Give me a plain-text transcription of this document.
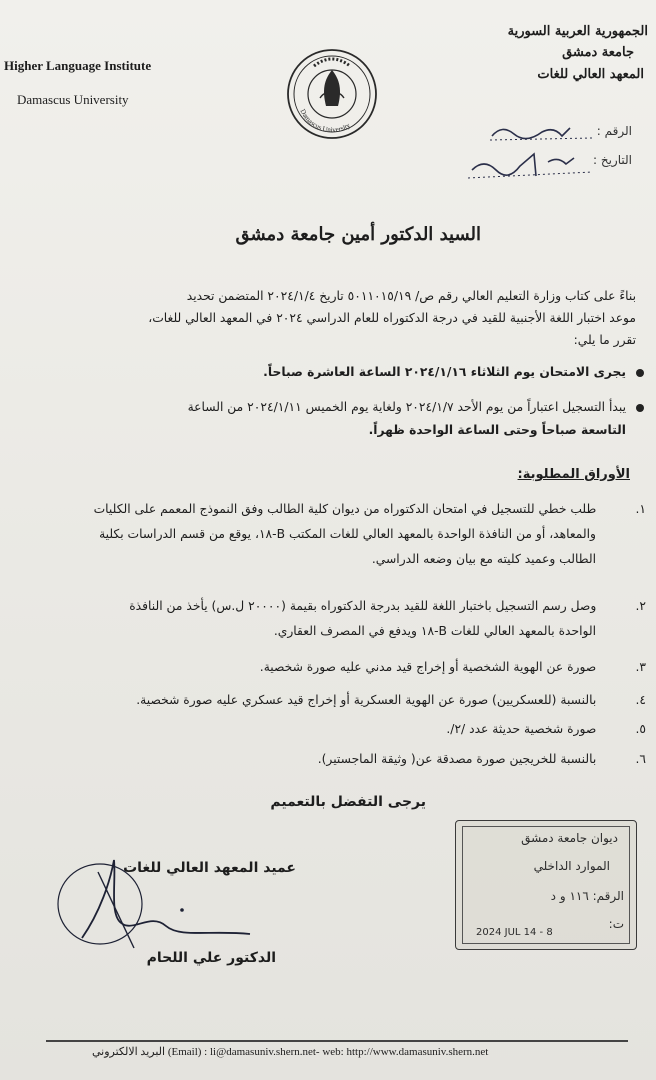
Higher Language Institute
Damascus University
الجمهورية العربية السورية
جامعة دمشق
المعهد العالي للغات
Damascus University	الرقم :
التاريخ :
السيد الدكتور أمين جامعة دمشق
بناءً على كتاب وزارة التعليم العالي رقم ص/ ٥٠١١٠١٥/١٩ تاريخ ٢٠٢٤/١/٤ المتضمن تحديد
موعد اختبار اللغة الأجنبية للقيد في درجة الدكتوراه للعام الدراسي ٢٠٢٤ في المعهد العالي للغات،
تقرر ما يلي:
يجرى الامتحان يوم الثلاثاء ٢٠٢٤/١/١٦ الساعة العاشرة صباحاً.
يبدأ التسجيل اعتباراً من يوم الأحد ٢٠٢٤/١/٧ ولغاية يوم الخميس ٢٠٢٤/١/١١ من الساعة
التاسعة صباحاً وحتى الساعة الواحدة ظهراً.
الأوراق المطلوبة:
.١   طلب خطي للتسجيل في امتحان الدكتوراه من ديوان كلية الطالب وفق النموذج المعمم على الكليات
والمعاهد، أو من النافذة الواحدة بالمعهد العالي للغات المكتب B-١٨، يوقع من قسم الدراسات بكلية
الطالب وعميد كليته مع بيان وضعه الدراسي.
.٢   وصل رسم التسجيل باختبار اللغة للقيد بدرجة الدكتوراه بقيمة (٢٠٠٠٠ ل.س) يأخذ من النافذة
الواحدة بالمعهد العالي للغات B-١٨ ويدفع في المصرف العقاري.
.٣   صورة عن الهوية الشخصية أو إخراج قيد مدني عليه صورة شخصية.
.٤   بالنسبة (للعسكريين) صورة عن الهوية العسكرية أو إخراج قيد عسكري عليه صورة شخصية.
.٥   صورة شخصية حديثة عدد /٢/.
.٦   بالنسبة للخريجين صورة مصدقة عن( وثيقة الماجستير).
يرجى التفضل بالتعميم
عميد المعهد العالي للغات
الدكتور علي اللحام
ديوان جامعة دمشق
الموارد الداخلي
الرقم: ١١٦ و د
ت:
2024 JUL 14 - 8
البريد الالكتروني (Email) : li@damasuniv.shern.net- web: http://www.damasuniv.shern.net
